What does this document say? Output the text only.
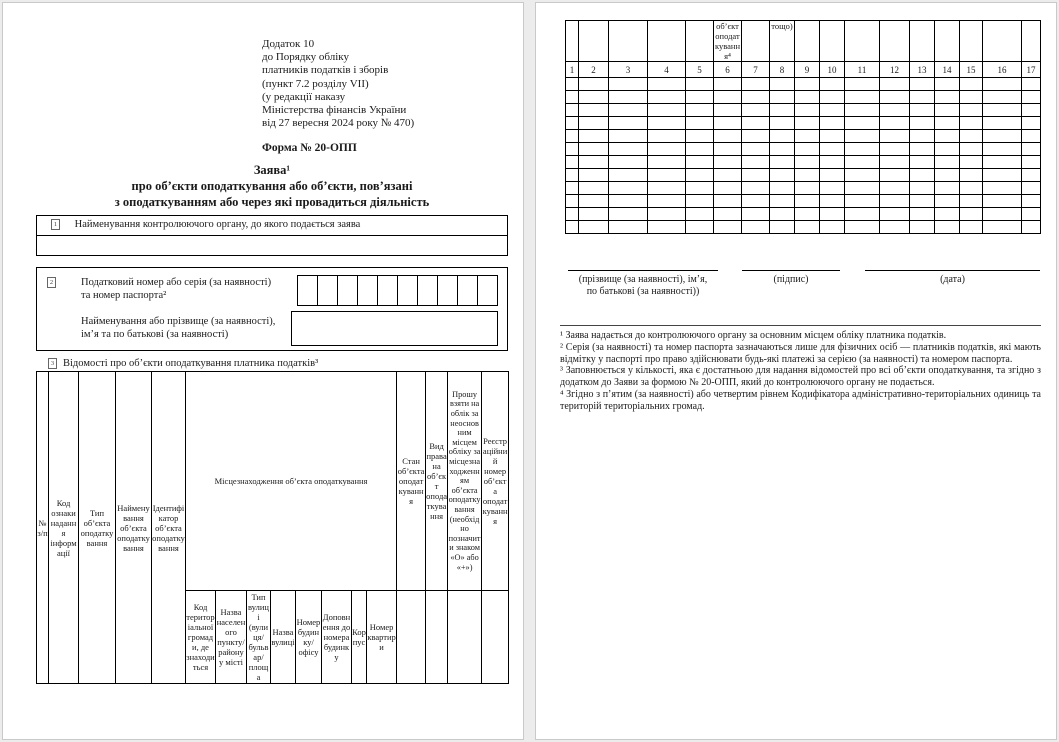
Додаток 10
до Порядку обліку
платників податків і зборів
(пункт 7.2 розділу VII)
(у редакції наказу
Міністерства фінансів України
від 27 вересня 2024 року № 470)
Форма № 20-ОПП
Заява¹
про об’єкти оподаткування або об’єкти, пов’язані
з оподаткуванням або через які провадиться діяльність
1 Найменування контролюючого органу, до якого подається заява
2	Податковий номер або серія (за наявності)
та номер паспорта²
Найменування або прізвище (за наявності),
ім’я та по батькові (за наявності)
3 Відомості про об’єкти оподаткування платника податків³
№ з/п	Код ознаки надання інформації	Тип об’єкта оподаткування	Найменування об’єкта оподаткування	Ідентифікатор об’єкта оподаткування	Місцезнаходження об’єкта оподаткування								Стан об’єкта оподаткування	Вид права на об’єкт оподаткування	Прошу взяти на облік за неосновним місцем обліку за місцезнаходженням об’єкта оподаткування (необхідно позначити знаком «О» або «+»)	Реєстраційний номер об’єкта оподаткування
					Код територіальної громади, де знаходиться	Назва населеного пункту/ району у місті	Тип вулиці (вулиця/ бульвар/ площа	Назва вулиці	Номер будинку/офісу	Доповнення до номера будинку	Корпус	Номер квартири				
					об’єкт оподаткування⁴		тощо)									
1	2	3	4	5	6	7	8	9	10	11	12	13	14	15	16	17

(прізвище (за наявності), ім’я,
по батькові (за наявності))
(підпис)	(дата)

¹ Заява надається до контролюючого органу за основним місцем обліку платника податків.

² Серія (за наявності) та номер паспорта зазначаються лише для фізичних осіб — платників податків, які мають відмітку у паспорті про право здійснювати будь-які платежі за серією (за наявності) та номером паспорта.

³ Заповнюється у кількості, яка є достатньою для надання відомостей про всі об’єкти оподаткування, та згідно з додатком до Заяви за формою № 20-ОПП, який до контролюючого органу не подається.

⁴ Згідно з п’ятим (за наявності) або четвертим рівнем Кодифікатора адміністративно-територіальних одиниць та територій територіальних громад.
